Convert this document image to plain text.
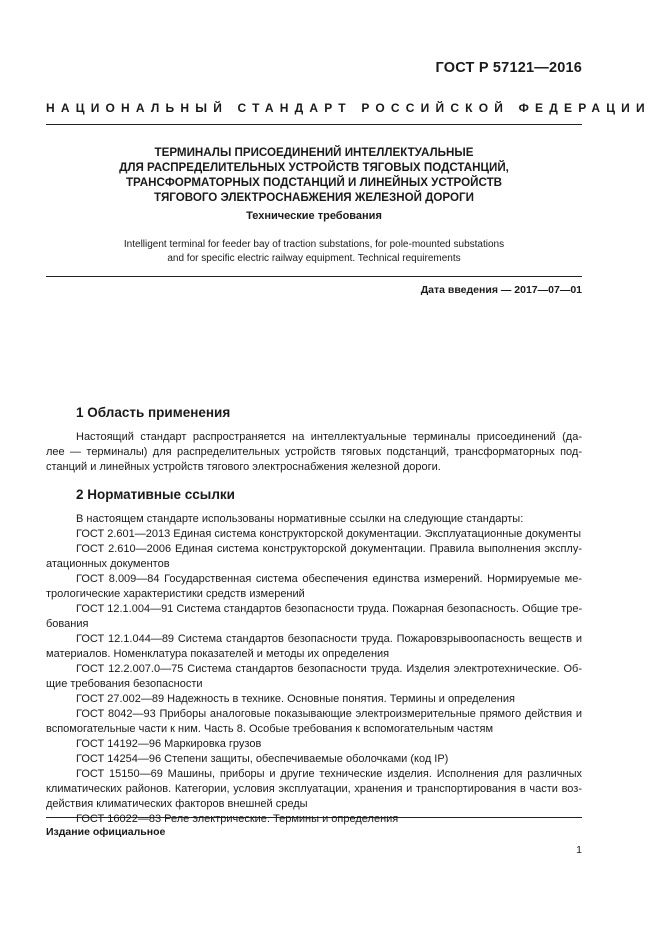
ГОСТ Р 57121—2016
НАЦИОНАЛЬНЫЙ СТАНДАРТ РОССИЙСКОЙ ФЕДЕРАЦИИ
ТЕРМИНАЛЫ ПРИСОЕДИНЕНИЙ ИНТЕЛЛЕКТУАЛЬНЫЕ
ДЛЯ РАСПРЕДЕЛИТЕЛЬНЫХ УСТРОЙСТВ ТЯГОВЫХ ПОДСТАНЦИЙ,
ТРАНСФОРМАТОРНЫХ ПОДСТАНЦИЙ И ЛИНЕЙНЫХ УСТРОЙСТВ
ТЯГОВОГО ЭЛЕКТРОСНАБЖЕНИЯ ЖЕЛЕЗНОЙ ДОРОГИ
Технические требования
Intelligent terminal for feeder bay of traction substations, for pole-mounted substations
and for specific electric railway equipment. Technical requirements
Дата введения — 2017—07—01
1 Область применения
Настоящий стандарт распространяется на интеллектуальные терминалы присоединений (да-
лее — терминалы) для распределительных устройств тяговых подстанций, трансформаторных под-
станций и линейных устройств тягового электроснабжения железной дороги.
2 Нормативные ссылки
В настоящем стандарте использованы нормативные ссылки на следующие стандарты:
ГОСТ 2.601—2013 Единая система конструкторской документации. Эксплуатационные документы
ГОСТ 2.610—2006 Единая система конструкторской документации. Правила выполнения эксплу-
атационных документов
ГОСТ 8.009—84 Государственная система обеспечения единства измерений. Нормируемые ме-
трологические характеристики средств измерений
ГОСТ 12.1.004—91 Система стандартов безопасности труда. Пожарная безопасность. Общие тре-
бования
ГОСТ 12.1.044—89 Система стандартов безопасности труда. Пожаровзрывоопасность веществ и
материалов. Номенклатура показателей и методы их определения
ГОСТ 12.2.007.0—75 Система стандартов безопасности труда. Изделия электротехнические. Об-
щие требования безопасности
ГОСТ 27.002—89 Надежность в технике. Основные понятия. Термины и определения
ГОСТ 8042—93 Приборы аналоговые показывающие электроизмерительные прямого действия и
вспомогательные части к ним. Часть 8. Особые требования к вспомогательным частям
ГОСТ 14192—96 Маркировка грузов
ГОСТ 14254—96 Степени защиты, обеспечиваемые оболочками (код IP)
ГОСТ 15150—69 Машины, приборы и другие технические изделия. Исполнения для различных
климатических районов. Категории, условия эксплуатации, хранения и транспортирования в части воз-
действия климатических факторов внешней среды
ГОСТ 16022—83 Реле электрические. Термины и определения
Издание официальное
1
